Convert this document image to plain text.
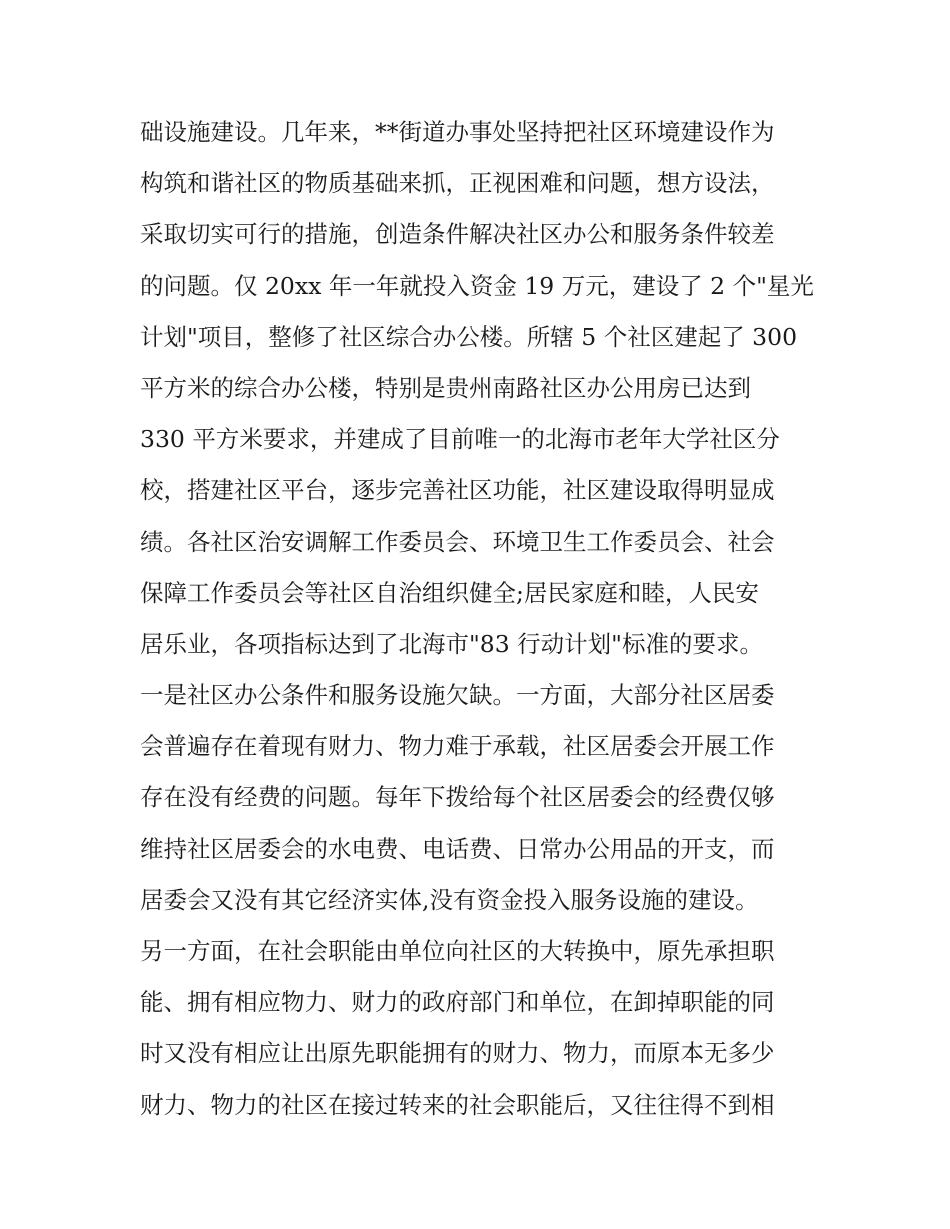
础设施建设。几年来，**街道办事处坚持把社区环境建设作为
构筑和谐社区的物质基础来抓，正视困难和问题，想方设法，
采取切实可行的措施，创造条件解决社区办公和服务条件较差
的问题。仅 20xx 年一年就投入资金 19 万元，建设了 2 个"星光
计划"项目，整修了社区综合办公楼。所辖 5 个社区建起了 300
平方米的综合办公楼，特别是贵州南路社区办公用房已达到
330 平方米要求，并建成了目前唯一的北海市老年大学社区分
校，搭建社区平台，逐步完善社区功能，社区建设取得明显成
绩。各社区治安调解工作委员会、环境卫生工作委员会、社会
保障工作委员会等社区自治组织健全;居民家庭和睦，人民安
居乐业，各项指标达到了北海市"83 行动计划"标准的要求。
一是社区办公条件和服务设施欠缺。一方面，大部分社区居委
会普遍存在着现有财力、物力难于承载，社区居委会开展工作
存在没有经费的问题。每年下拨给每个社区居委会的经费仅够
维持社区居委会的水电费、电话费、日常办公用品的开支，而
居委会又没有其它经济实体,没有资金投入服务设施的建设。
另一方面，在社会职能由单位向社区的大转换中，原先承担职
能、拥有相应物力、财力的政府部门和单位，在卸掉职能的同
时又没有相应让出原先职能拥有的财力、物力，而原本无多少
财力、物力的社区在接过转来的社会职能后，又往往得不到相
